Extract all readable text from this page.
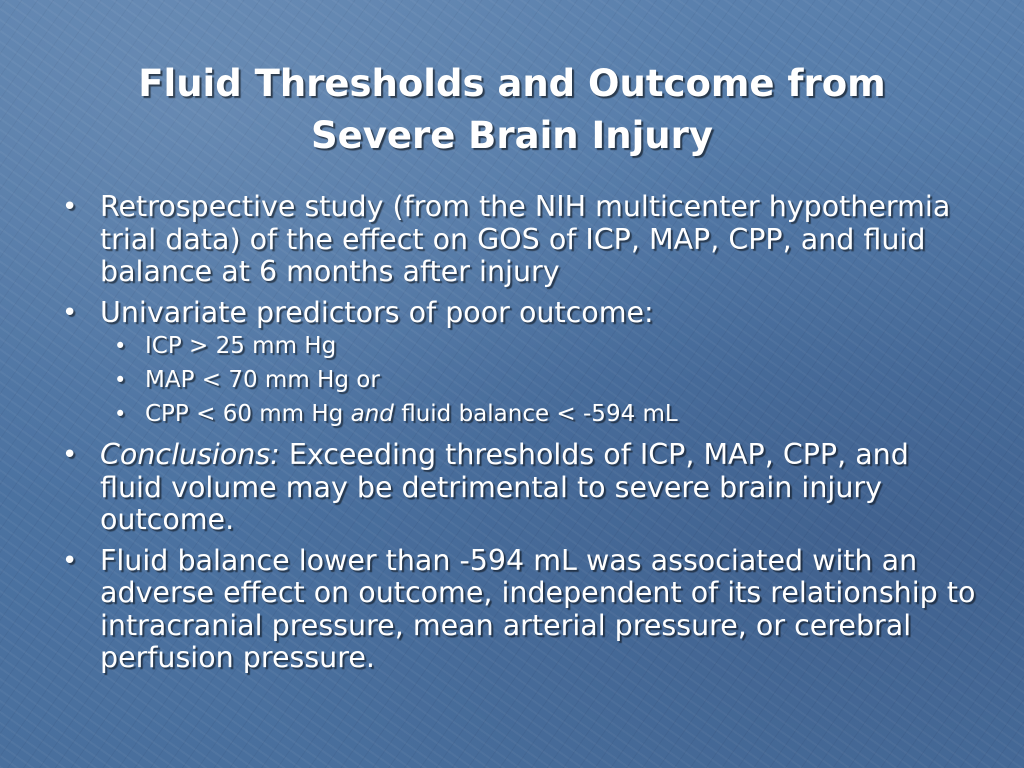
Fluid Thresholds and Outcome from
Severe Brain Injury
• Retrospective study (from the NIH multicenter hypothermia trial data) of the effect on GOS of ICP, MAP, CPP, and fluid balance at 6 months after injury
• Univariate predictors of poor outcome:
• ICP > 25 mm Hg
• MAP < 70 mm Hg or
• CPP < 60 mm Hg and fluid balance < -594 mL
• Conclusions: Exceeding thresholds of ICP, MAP, CPP, and fluid volume may be detrimental to severe brain injury outcome.
• Fluid balance lower than -594 mL was associated with an adverse effect on outcome, independent of its relationship to intracranial pressure, mean arterial pressure, or cerebral perfusion pressure.
